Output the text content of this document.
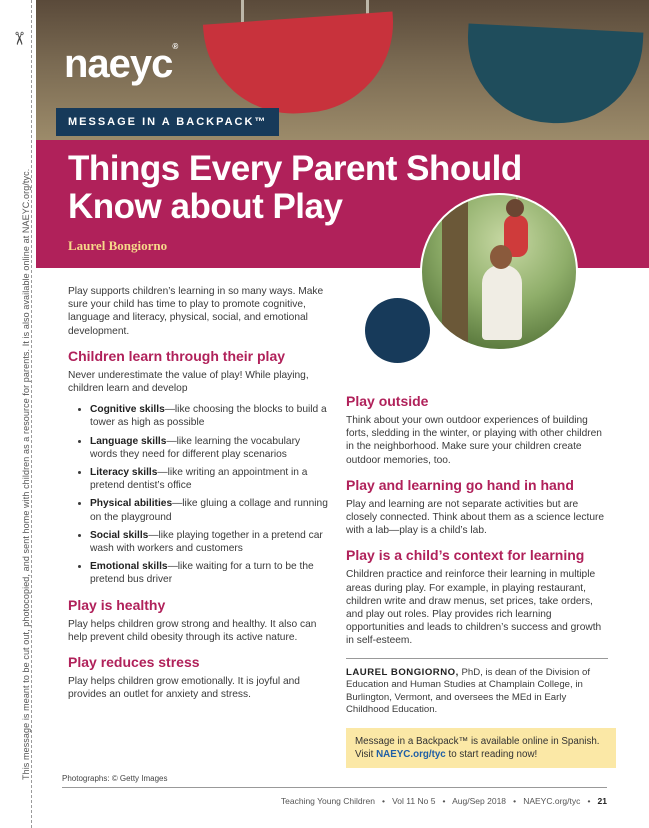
✂
This message is meant to be cut out, photocopied, and sent home with children as a resource for parents. It is also available online at NAEYC.org/tyc.
naeyc®
MESSAGE IN A BACKPACK™
Things Every Parent Should Know about Play
Laurel Bongiorno

Play supports children’s learning in so many ways. Make sure your child has time to play to promote cognitive, language and literacy, physical, social, and emotional development.

Children learn through their play

Never underestimate the value of play! While playing, children learn and develop

• Cognitive skills—like choosing the blocks to build a tower as high as possible
• Language skills—like learning the vocabulary words they need for different play scenarios
• Literacy skills—like writing an appointment in a pretend dentist’s office
• Physical abilities—like gluing a collage and running on the playground
• Social skills—like playing together in a pretend car wash with workers and customers
• Emotional skills—like waiting for a turn to be the pretend bus driver
Play is healthy

Play helps children grow strong and healthy. It also can help prevent child obesity through its active nature.

Play reduces stress

Play helps children grow emotionally. It is joyful and provides an outlet for anxiety and stress.

Play outside

Think about your own outdoor experiences of building forts, sledding in the winter, or playing with other children in the neighborhood. Make sure your children create outdoor memories, too.

Play and learning go hand in hand

Play and learning are not separate activities but are closely connected. Think about them as a science lecture with a lab—play is a child’s lab.

Play is a child’s context for learning

Children practice and reinforce their learning in multiple areas during play. For example, in playing restaurant, children write and draw menus, set prices, take orders, and play out roles. Play provides rich learning opportunities and leads to children’s success and growth in self-esteem.

LAUREL BONGIORNO, PhD, is dean of the Division of Education and Human Studies at Champlain College, in Burlington, Vermont, and oversees the MEd in Early Childhood Education.

Message in a Backpack™ is available online in Spanish. Visit NAEYC.org/tyc to start reading now!
Photographs: © Getty Images
Teaching Young Children • Vol 11 No 5 • Aug/Sep 2018 • NAEYC.org/tyc • 21
